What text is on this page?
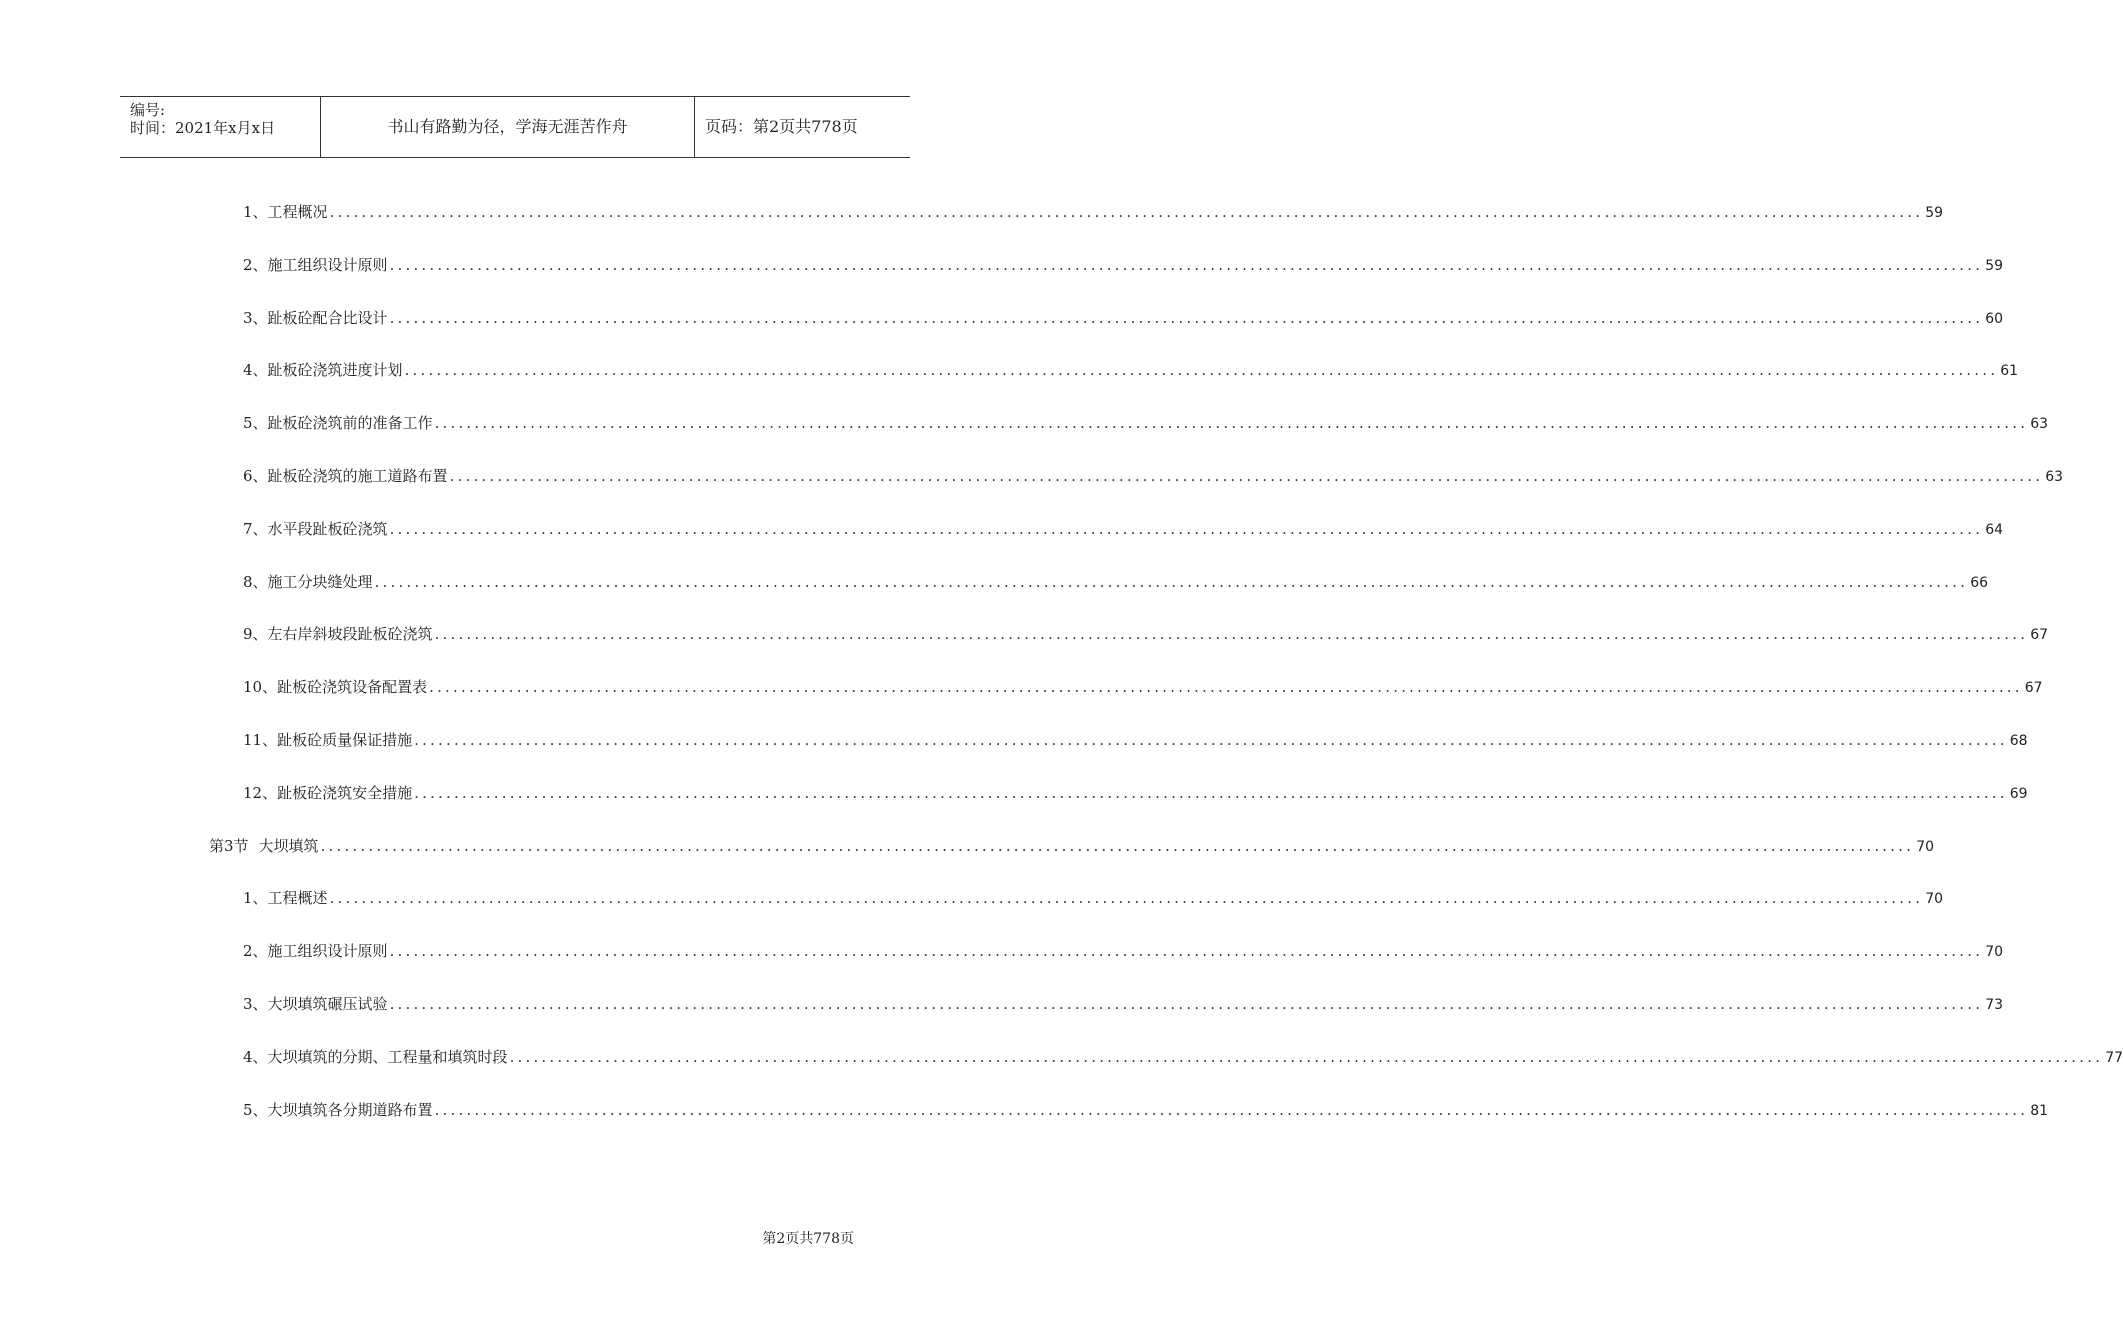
编号:
时间：2021年x月x日	书山有路勤为径，学海无涯苦作舟	页码：第2页共778页
1、 工程概况 ........................................................................................................................................................................................................ 59
2、 施工组织设计原则 ........................................................................................................................................................................................................ 59
3、 趾板砼配合比设计 ........................................................................................................................................................................................................ 60
4、 趾板砼浇筑进度计划 ........................................................................................................................................................................................................ 61
5、 趾板砼浇筑前的准备工作 ........................................................................................................................................................................................................ 63
6、 趾板砼浇筑的施工道路布置 ........................................................................................................................................................................................................ 63
7、 水平段趾板砼浇筑 ........................................................................................................................................................................................................ 64
8、 施工分块缝处理 ........................................................................................................................................................................................................ 66
9、 左右岸斜坡段趾板砼浇筑 ........................................................................................................................................................................................................ 67
10、 趾板砼浇筑设备配置表 ........................................................................................................................................................................................................ 67
11、 趾板砼质量保证措施 ........................................................................................................................................................................................................ 68
12、 趾板砼浇筑安全措施 ........................................................................................................................................................................................................ 69
第3节 大坝填筑 ........................................................................................................................................................................................................ 70
1、 工程概述 ........................................................................................................................................................................................................ 70
2、 施工组织设计原则 ........................................................................................................................................................................................................ 70
3、 大坝填筑碾压试验 ........................................................................................................................................................................................................ 73
4、 大坝填筑的分期、工程量和填筑时段 ........................................................................................................................................................................................................ 77
5、 大坝填筑各分期道路布置 ........................................................................................................................................................................................................ 81
第2页共778页
